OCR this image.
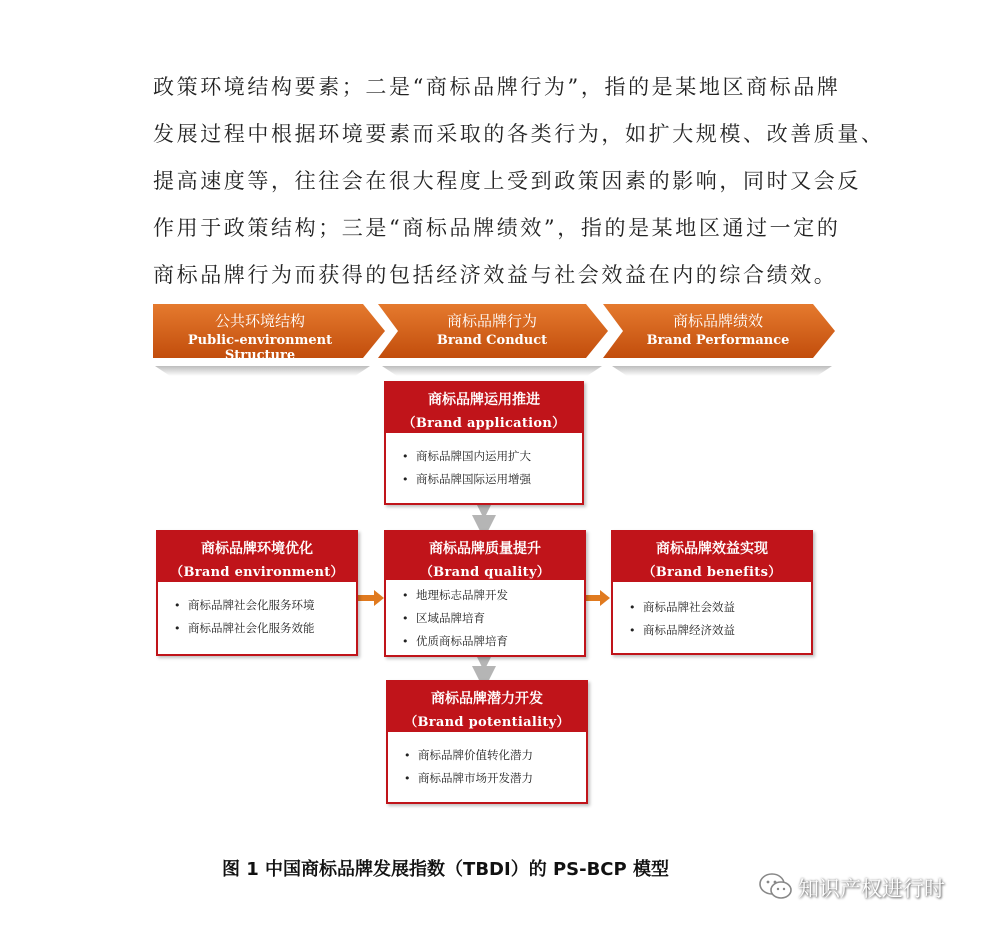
政策环境结构要素；二是“商标品牌行为”，指的是某地区商标品牌
发展过程中根据环境要素而采取的各类行为，如扩大规模、改善质量、
提高速度等，往往会在很大程度上受到政策因素的影响，同时又会反
作用于政策结构；三是“商标品牌绩效”，指的是某地区通过一定的
商标品牌行为而获得的包括经济效益与社会效益在内的综合绩效。
公共环境结构
Public-environment Structure
商标品牌行为
Brand Conduct
商标品牌绩效
Brand Performance
商标品牌运用推进
（Brand application）
• 商标品牌国内运用扩大
• 商标品牌国际运用增强
商标品牌环境优化
（Brand environment）
• 商标品牌社会化服务环境
• 商标品牌社会化服务效能
商标品牌质量提升
（Brand quality）
• 地理标志品牌开发
• 区域品牌培育
• 优质商标品牌培育
商标品牌效益实现
（Brand benefits）
• 商标品牌社会效益
• 商标品牌经济效益
商标品牌潜力开发
（Brand potentiality）
• 商标品牌价值转化潜力
• 商标品牌市场开发潜力
图 1 中国商标品牌发展指数（TBDI）的 PS-BCP 模型
知识产权进行时
